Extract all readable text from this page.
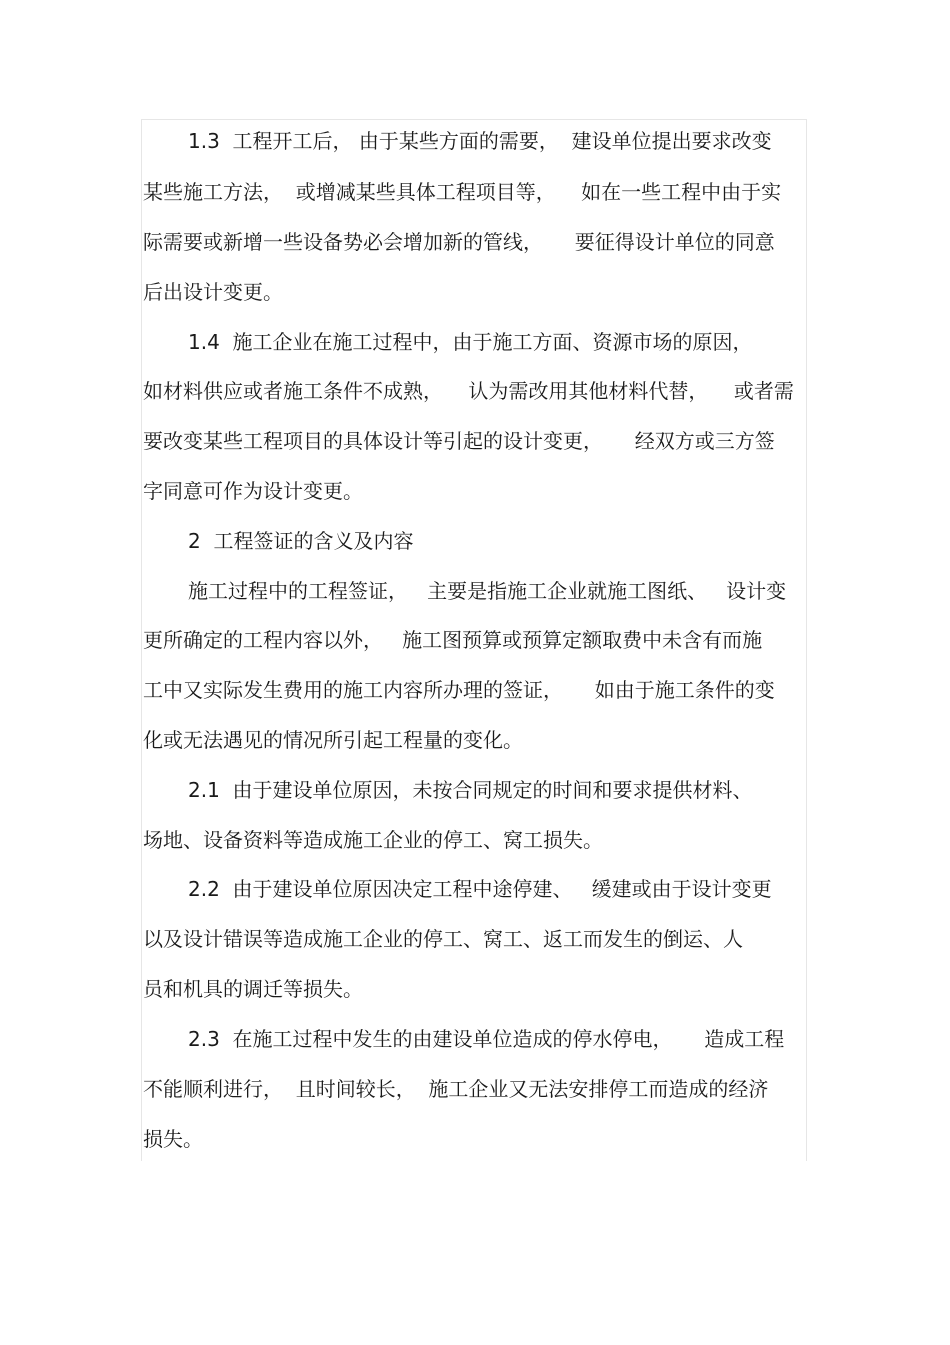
1.3  工程开工后， 由于某些方面的需要，  建设单位提出要求改变
某些施工方法，  或增减某些具体工程项目等，    如在一些工程中由于实
际需要或新增一些设备势必会增加新的管线，     要征得设计单位的同意
后出设计变更。
1.4  施工企业在施工过程中，由于施工方面、资源市场的原因，
如材料供应或者施工条件不成熟，    认为需改用其他材料代替，    或者需
要改变某些工程项目的具体设计等引起的设计变更，     经双方或三方签
字同意可作为设计变更。
2  工程签证的含义及内容
施工过程中的工程签证，   主要是指施工企业就施工图纸、   设计变
更所确定的工程内容以外，   施工图预算或预算定额取费中未含有而施
工中又实际发生费用的施工内容所办理的签证，     如由于施工条件的变
化或无法遇见的情况所引起工程量的变化。
2.1  由于建设单位原因，未按合同规定的时间和要求提供材料、
场地、设备资料等造成施工企业的停工、窝工损失。
2.2  由于建设单位原因决定工程中途停建、   缓建或由于设计变更
以及设计错误等造成施工企业的停工、窝工、返工而发生的倒运、人
员和机具的调迁等损失。
2.3  在施工过程中发生的由建设单位造成的停水停电，     造成工程
不能顺利进行，  且时间较长，  施工企业又无法安排停工而造成的经济
损失。
